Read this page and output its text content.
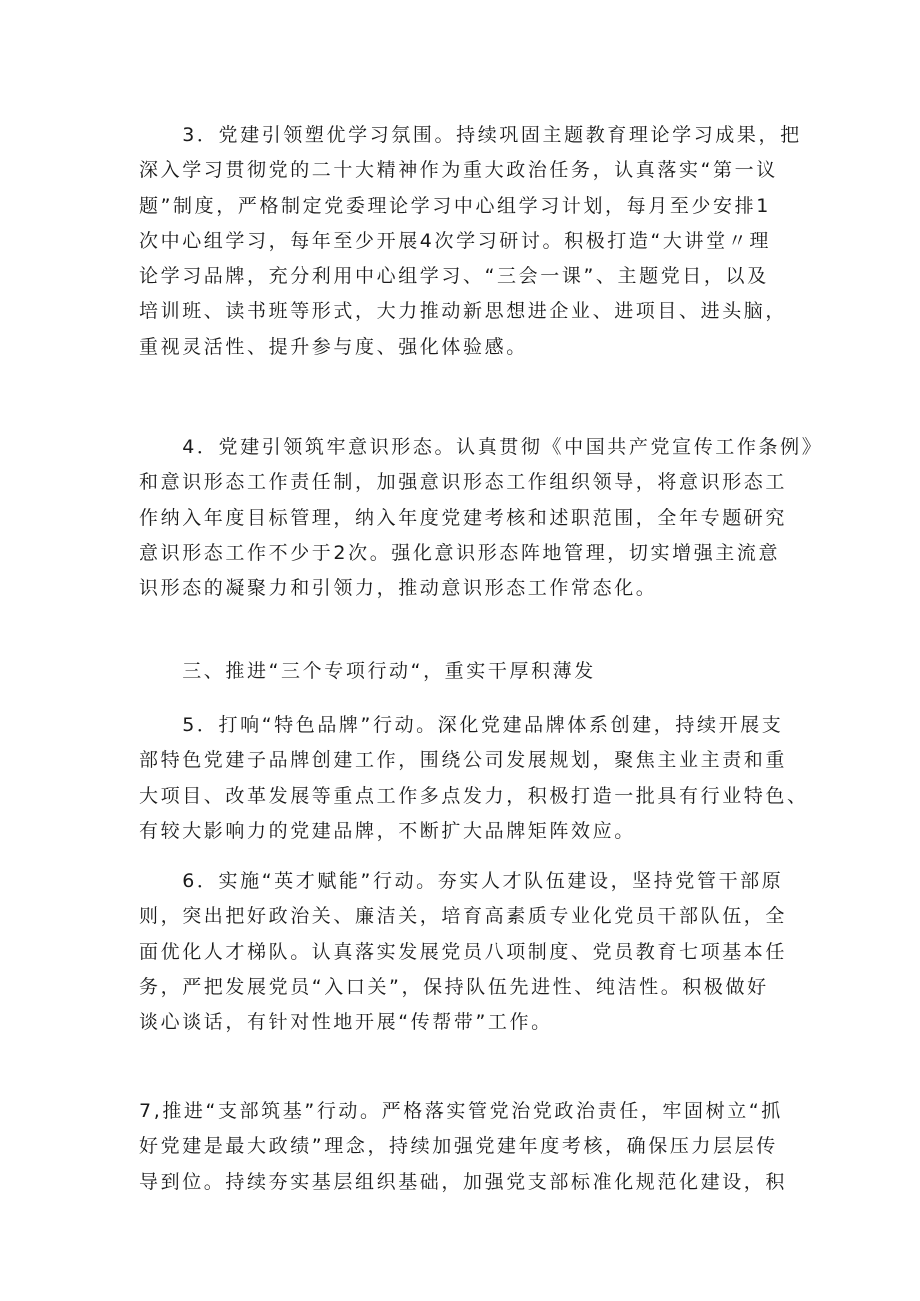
　　3．党建引领塑优学习氛围。持续巩固主题教育理论学习成果，把
深入学习贯彻党的二十大精神作为重大政治任务，认真落实“第一议
题”制度，严格制定党委理论学习中心组学习计划，每月至少安排1
次中心组学习，每年至少开展4次学习研讨。积极打造“大讲堂〃理
论学习品牌，充分利用中心组学习、“三会一课”、主题党日，以及
培训班、读书班等形式，大力推动新思想进企业、进项目、进头脑，
重视灵活性、提升参与度、强化体验感。

　　4．党建引领筑牢意识形态。认真贯彻《中国共产党宣传工作条例》
和意识形态工作责任制，加强意识形态工作组织领导，将意识形态工
作纳入年度目标管理，纳入年度党建考核和述职范围，全年专题研究
意识形态工作不少于2次。强化意识形态阵地管理，切实增强主流意
识形态的凝聚力和引领力，推动意识形态工作常态化。

　　三、推进“三个专项行动“，重实干厚积薄发

　　5．打响“特色品牌”行动。深化党建品牌体系创建，持续开展支
部特色党建子品牌创建工作，围绕公司发展规划，聚焦主业主责和重
大项目、改革发展等重点工作多点发力，积极打造一批具有行业特色、
有较大影响力的党建品牌，不断扩大品牌矩阵效应。

　　6．实施“英才赋能”行动。夯实人才队伍建设，坚持党管干部原
则，突出把好政治关、廉洁关，培育高素质专业化党员干部队伍，全
面优化人才梯队。认真落实发展党员八项制度、党员教育七项基本任
务，严把发展党员“入口关”，保持队伍先进性、纯洁性。积极做好
谈心谈话，有针对性地开展“传帮带”工作。

7,推进“支部筑基”行动。严格落实管党治党政治责任，牢固树立“抓
好党建是最大政绩”理念，持续加强党建年度考核，确保压力层层传
导到位。持续夯实基层组织基础，加强党支部标准化规范化建设，积
